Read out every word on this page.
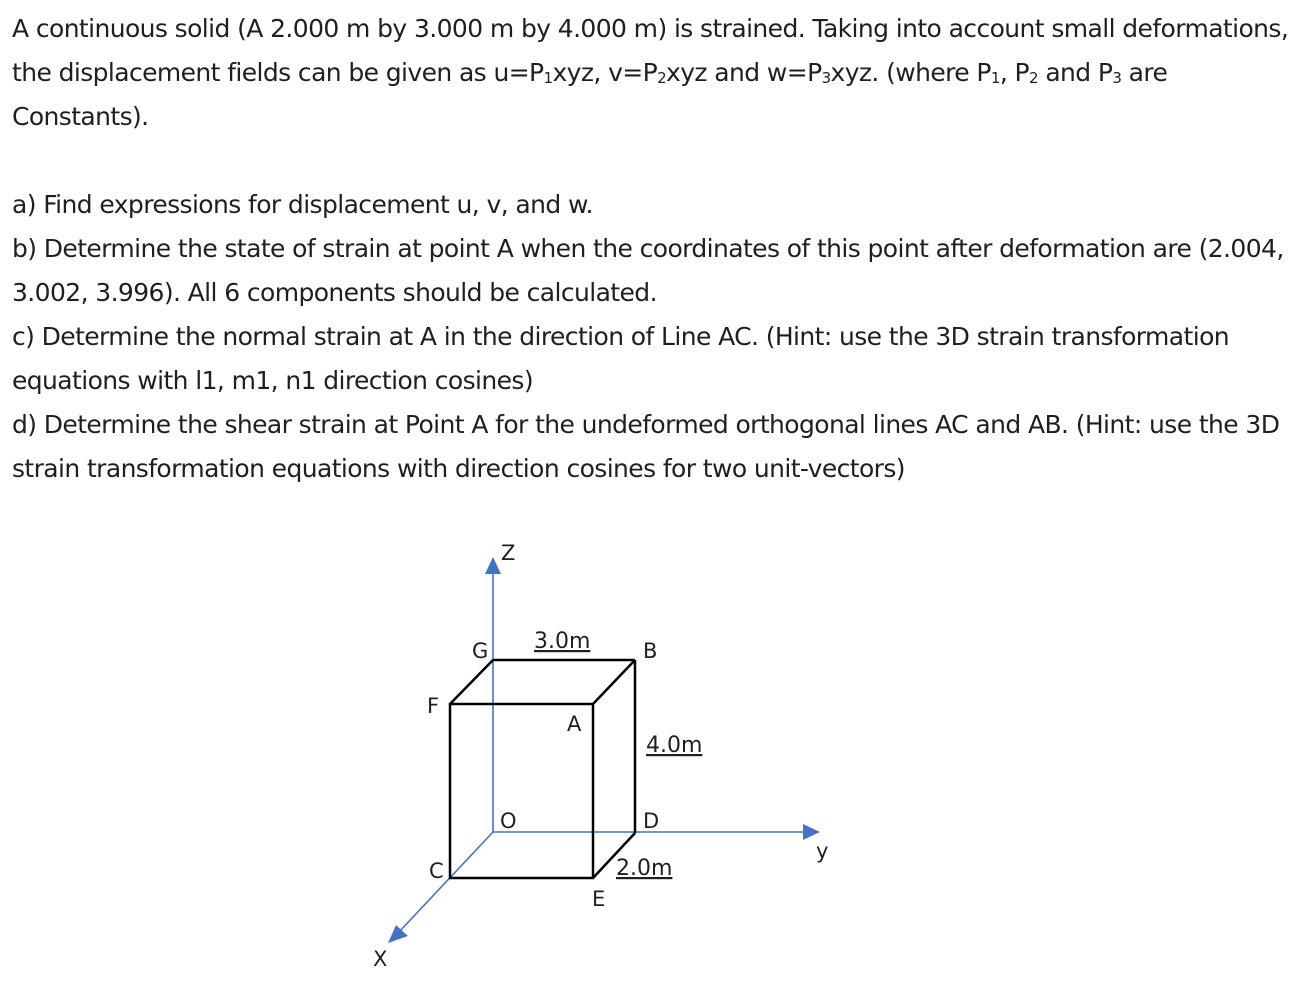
A continuous solid (A 2.000 m by 3.000 m by 4.000 m) is strained. Taking into account small deformations, the displacement fields can be given as $u=P_1xyz$, $v=P_2xyz$ and $w=P_3xyz$. (where $P_1$, $P_2$ and $P_3$ are Constants).

a) Find expressions for displacement u, v, and w.

b) Determine the state of strain at point A when the coordinates of this point after deformation are (2.004, 3.002, 3.996). All 6 components should be calculated.

c) Determine the normal strain at A in the direction of Line AC. (Hint: use the 3D strain transformation equations with l1, m1, n1 direction cosines)

d) Determine the shear strain at Point A for the undeformed orthogonal lines AC and AB. (Hint: use the 3D strain transformation equations with direction cosines for two unit-vectors)

Z
y
X
G	B
F
A
O	D
C
E
3.0m
4.0m
2.0m
